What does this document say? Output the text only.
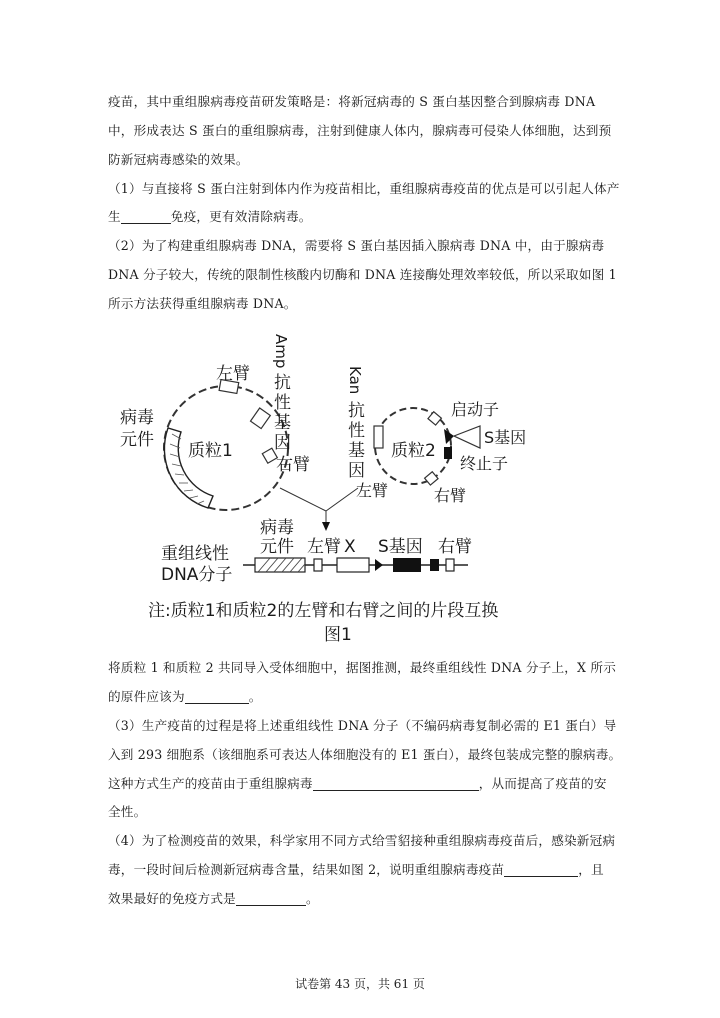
疫苗，其中重组腺病毒疫苗研发策略是：将新冠病毒的 S 蛋白基因整合到腺病毒 DNA
中，形成表达 S 蛋白的重组腺病毒，注射到健康人体内，腺病毒可侵染人体细胞，达到预
防新冠病毒感染的效果。
（1）与直接将 S 蛋白注射到体内作为疫苗相比，重组腺病毒疫苗的优点是可以引起人体产
生	免疫，更有效清除病毒。
（2）为了构建重组腺病毒 DNA，需要将 S 蛋白基因插入腺病毒 DNA 中，由于腺病毒
DNA 分子较大，传统的限制性核酸内切酶和 DNA 连接酶处理效率较低，所以采取如图 1
所示方法获得重组腺病毒 DNA。
质粒1
病毒
元件
左臂
右臂
Amp
抗
性
基
因
Kan
抗
性
基
因
质粒2
启动子
S基因
终止子
右臂
左臂
重组线性
DNA分子
病毒
元件 左臂 X S基因 右臂
注:质粒1和质粒2的左臂和右臂之间的片段互换
图1
将质粒 1 和质粒 2 共同导入受体细胞中，据图推测，最终重组线性 DNA 分子上，X 所示
的原件应该为	。
（3）生产疫苗的过程是将上述重组线性 DNA 分子（不编码病毒复制必需的 E1 蛋白）导
入到 293 细胞系（该细胞系可表达人体细胞没有的 E1 蛋白），最终包装成完整的腺病毒。
这种方式生产的疫苗由于重组腺病毒	，从而提高了疫苗的安
全性。
（4）为了检测疫苗的效果，科学家用不同方式给雪貂接种重组腺病毒疫苗后，感染新冠病
毒，一段时间后检测新冠病毒含量，结果如图 2，说明重组腺病毒疫苗	，且
效果最好的免疫方式是	。
试卷第 43 页，共 61 页
